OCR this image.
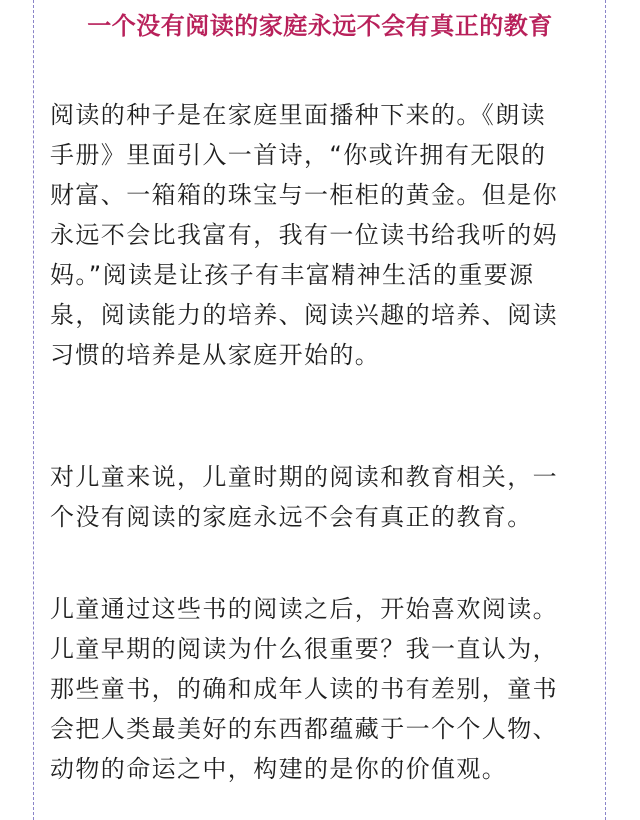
一个没有阅读的家庭永远不会有真正的教育
阅读的种子是在家庭里面播种下来的。《朗读
手册》里面引入一首诗，“你或许拥有无限的
财富、一箱箱的珠宝与一柜柜的黄金。但是你
永远不会比我富有，我有一位读书给我听的妈
妈。”阅读是让孩子有丰富精神生活的重要源
泉，阅读能力的培养、阅读兴趣的培养、阅读
习惯的培养是从家庭开始的。
对儿童来说，儿童时期的阅读和教育相关，一
个没有阅读的家庭永远不会有真正的教育。
儿童通过这些书的阅读之后，开始喜欢阅读。
儿童早期的阅读为什么很重要？我一直认为，
那些童书，的确和成年人读的书有差别，童书
会把人类最美好的东西都蕴藏于一个个人物、
动物的命运之中，构建的是你的价值观。
